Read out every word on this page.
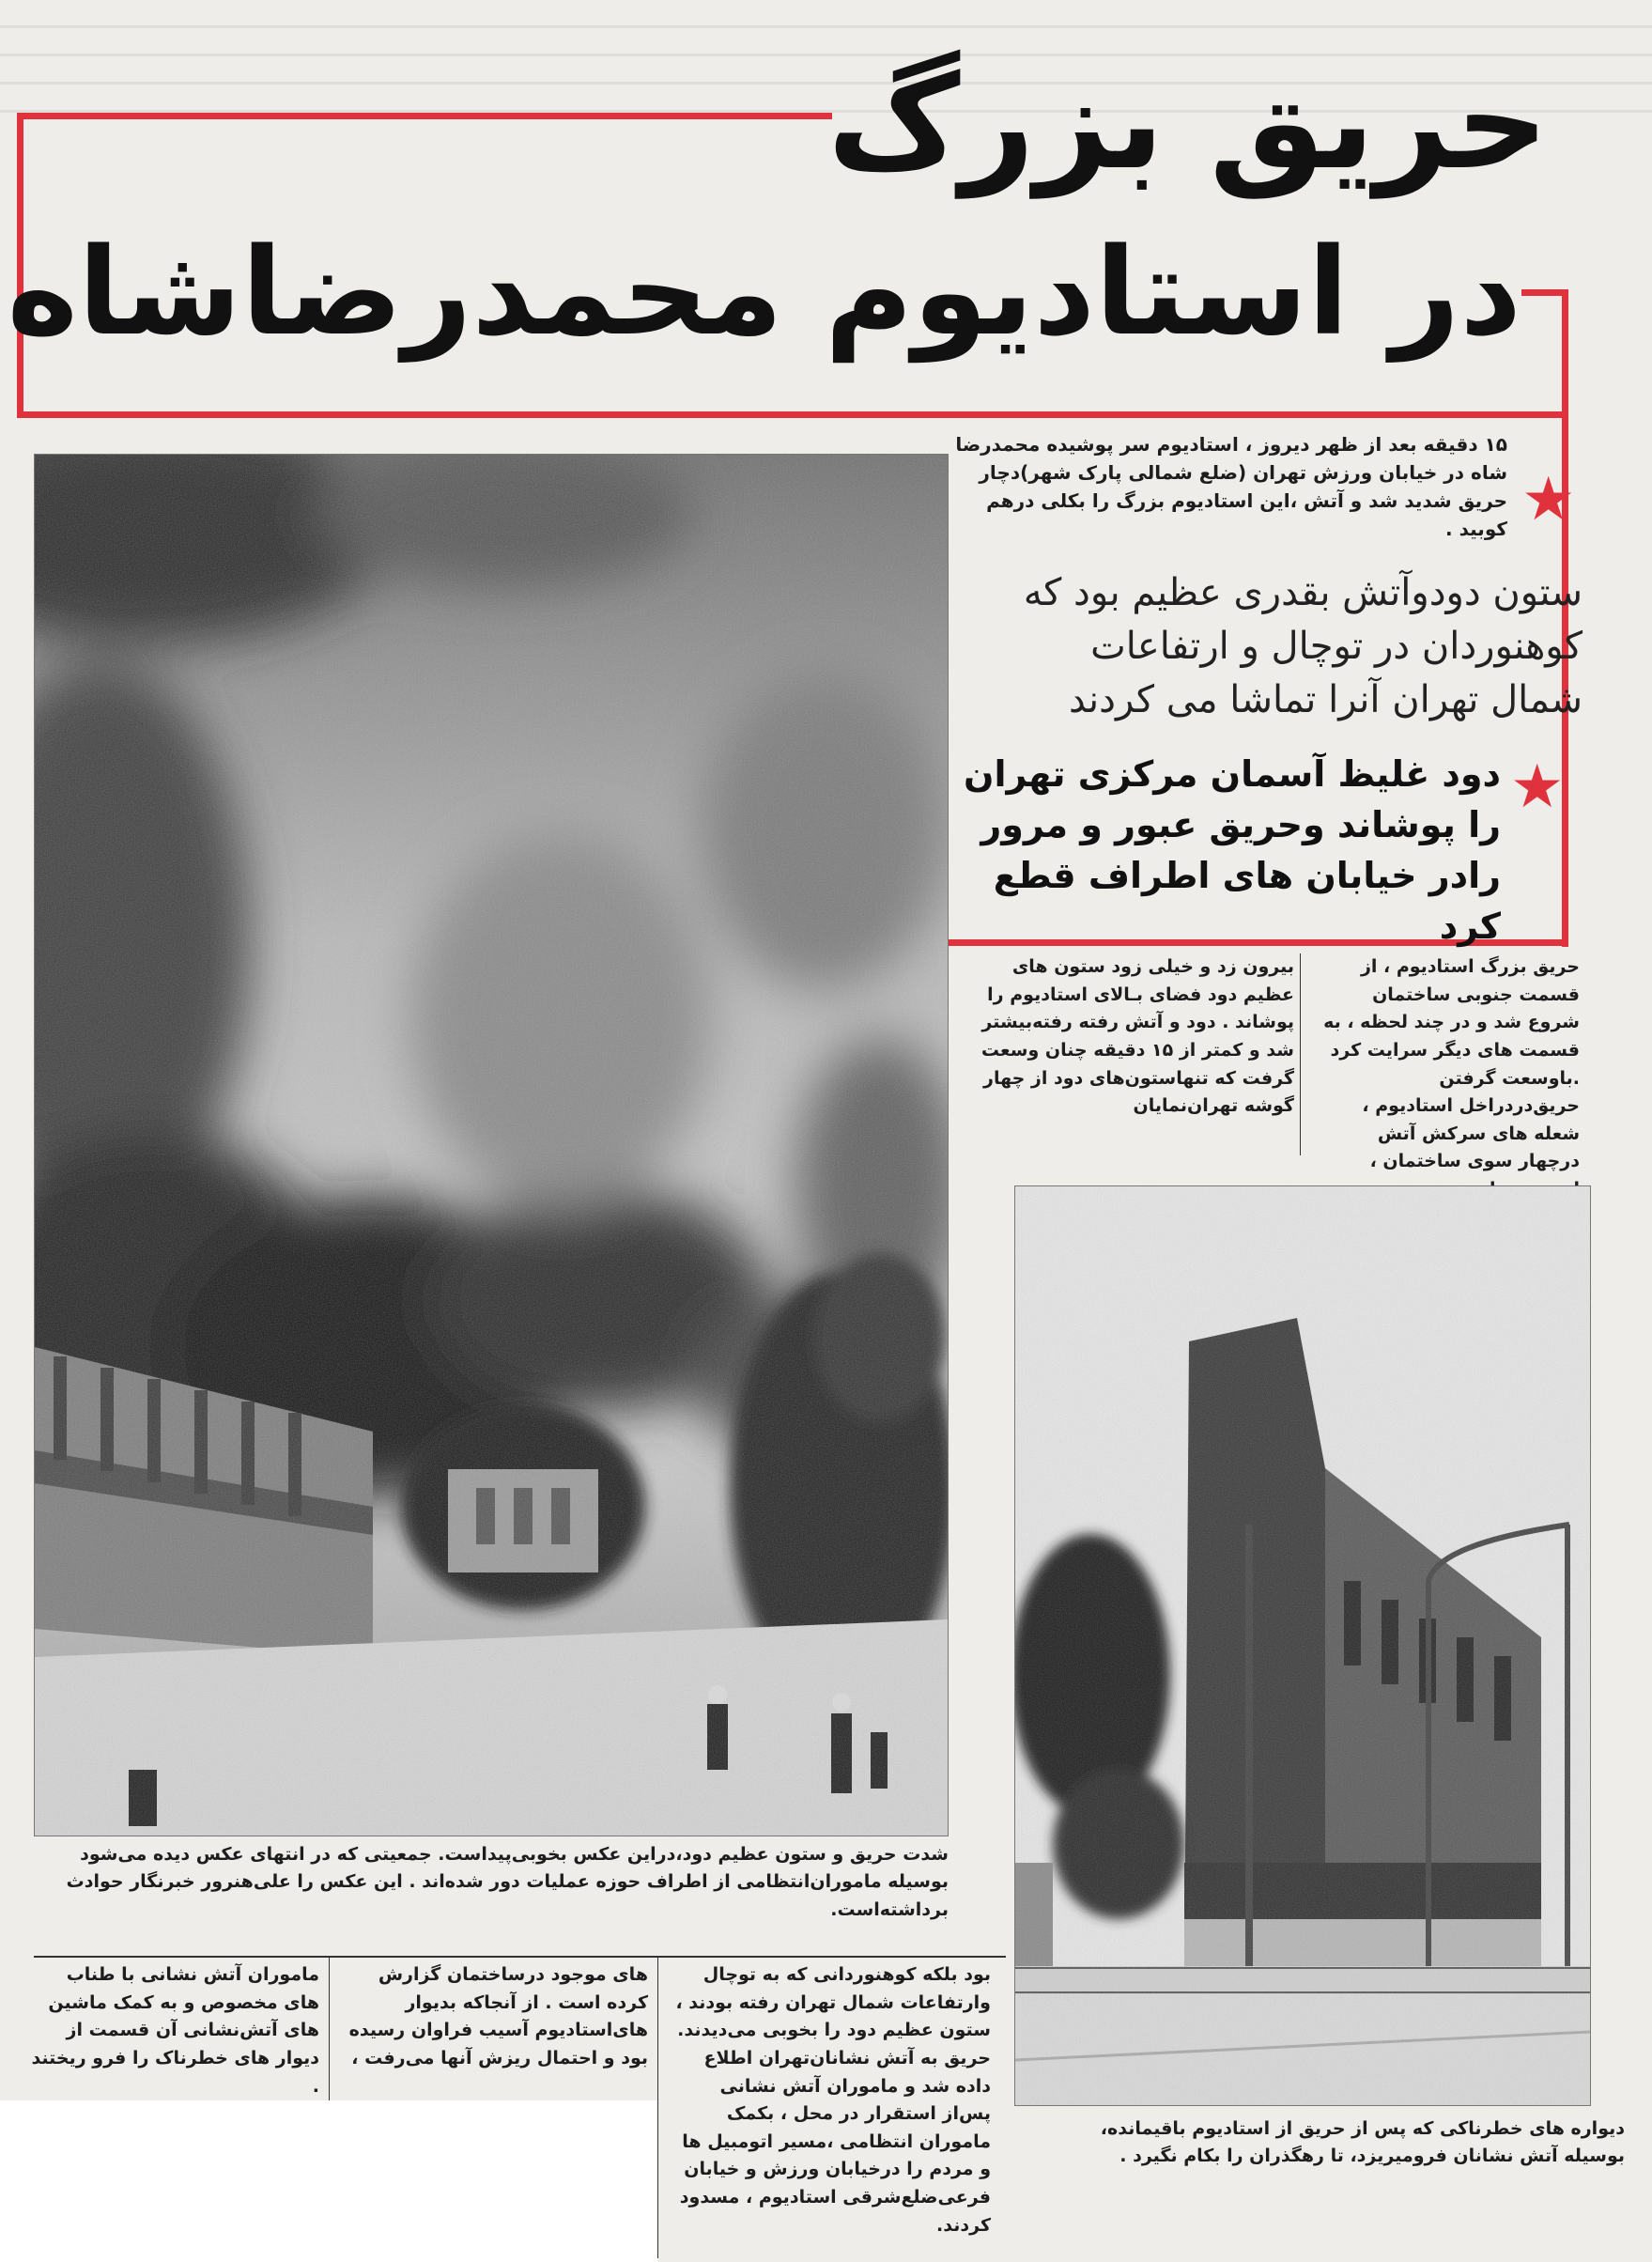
حریق بزرگ
در استادیوم محمدرضاشاه
★
۱۵ دقیقه بعد از ظهر دیروز ، استادیوم سر پوشیده محمدرضا شاه در خیابان ورزش تهران (ضلع شمالی پارک شهر)دچار حریق شدید شد و آتش ،این استادیوم بزرگ را بکلی درهم کوبید .
ستون دودوآتش بقدری عظیم بود که کوهنوردان در توچال و ارتفاعات شمال تهران آنرا تماشا می کردند
★
دود غلیظ آسمان مرکزی تهران را پوشاند وحریق عبور و مرور رادر خیابان های اطراف قطع کرد
حریق بزرگ استادیوم ، از قسمت جنوبی ساختمان شروع شد و در چند لحظه ، به قسمت های دیگر سرایت کرد .باوسعت گرفتن حریق‌دردراخل استادیوم ، شعله های سرکش آتش درچهار سوی ساختمان ،
بیرون زد و خیلی زود ستون های عظیم دود فضای بـالای استادیوم را پوشاند . دود و آتش رفته رفته‌بیشتر شد و کمتر از ۱۵ دقیقه چنان وسعت گرفت که تنهاستون‌های دود از چهار گوشه تهران‌نمایان
شدت حریق و ستون عظیم دود،دراین عکس بخوبی‌پیداست. جمعیتی که در انتهای عکس دیده می‌شود بوسیله ماموران‌انتظامی از اطراف حوزه عملیات دور شده‌اند . این عکس را علی‌هنرور خبرنگار حوادث برداشته‌است.
دیواره های خطرناکی که پس از حریق از استادیوم باقیمانده، بوسیله آتش نشانان فرومیریزد، تا رهگذران را بکام نگیرد .
بود بلکه کوهنوردانی که به توچال وارتفاعات شمال تهران رفته بودند ، ستون عظیم دود را بخوبی می‌دیدند. حریق به آتش نشانان‌تهران اطلاع داده شد و ماموران آتش نشانی پس‌از استقرار در محل ، بکمک ماموران انتظامی ،مسیر اتومبیل ها و مردم را درخیابان ورزش و خیابان فرعی‌ضلع‌شرقی استادیوم ، مسدود کردند.
های موجود درساختمان گزارش کرده است . از آنجاکه بدیوار های‌استادیوم آسیب فراوان رسیده بود و احتمال ریزش آنها می‌رفت ،
ماموران آتش نشانی با طناب های مخصوص و به کمک ماشین های آتش‌نشانی آن قسمت از دیوار های خطرناک را فرو ریختند .
